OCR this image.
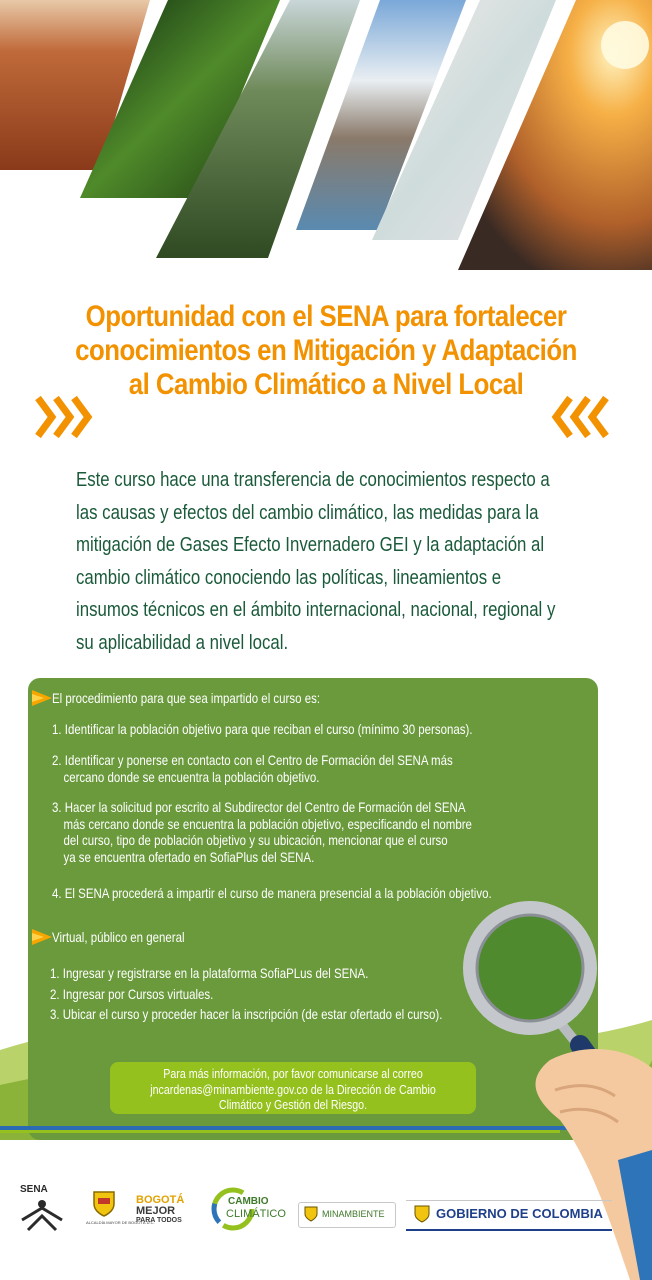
Oportunidad con el SENA para fortalecer
conocimientos en Mitigación y Adaptación
al Cambio Climático a Nivel Local
Este curso hace una transferencia de conocimientos respecto a
las causas y efectos del cambio climático, las medidas para la
mitigación de Gases Efecto Invernadero GEI y la adaptación al
cambio climático conociendo las políticas, lineamientos e
insumos técnicos en el ámbito internacional, nacional, regional y
su aplicabilidad a nivel local.
El procedimiento para que sea impartido el curso es:
1. Identificar la población objetivo para que reciban el curso (mínimo 30 personas).
2. Identificar y ponerse en contacto con el Centro de Formación del SENA más
cercano donde se encuentra la población objetivo.
3. Hacer la solicitud por escrito al Subdirector del Centro de Formación del SENA
más cercano donde se encuentra la población objetivo, especificando el nombre
del curso, tipo de población objetivo y su ubicación, mencionar que el curso
ya se encuentra ofertado en SofiaPlus del SENA.
4. El SENA procederá a impartir el curso de manera presencial a la población objetivo.
Virtual, público en general
1. Ingresar y registrarse en la plataforma SofiaPLus del SENA.
2. Ingresar por Cursos virtuales.
3. Ubicar el curso y proceder hacer la inscripción (de estar ofertado el curso).
Para más información, por favor comunicarse al correo
jncardenas@minambiente.gov.co de la Dirección de Cambio
Climático y Gestión del Riesgo.
SENA
ALCALDÍA MAYOR DE BOGOTÁ D.C.
BOGOTÁ
MEJOR
PARA TODOS
CAMBIO
CLIMÁTICO	MINAMBIENTE	GOBIERNO DE COLOMBIA
